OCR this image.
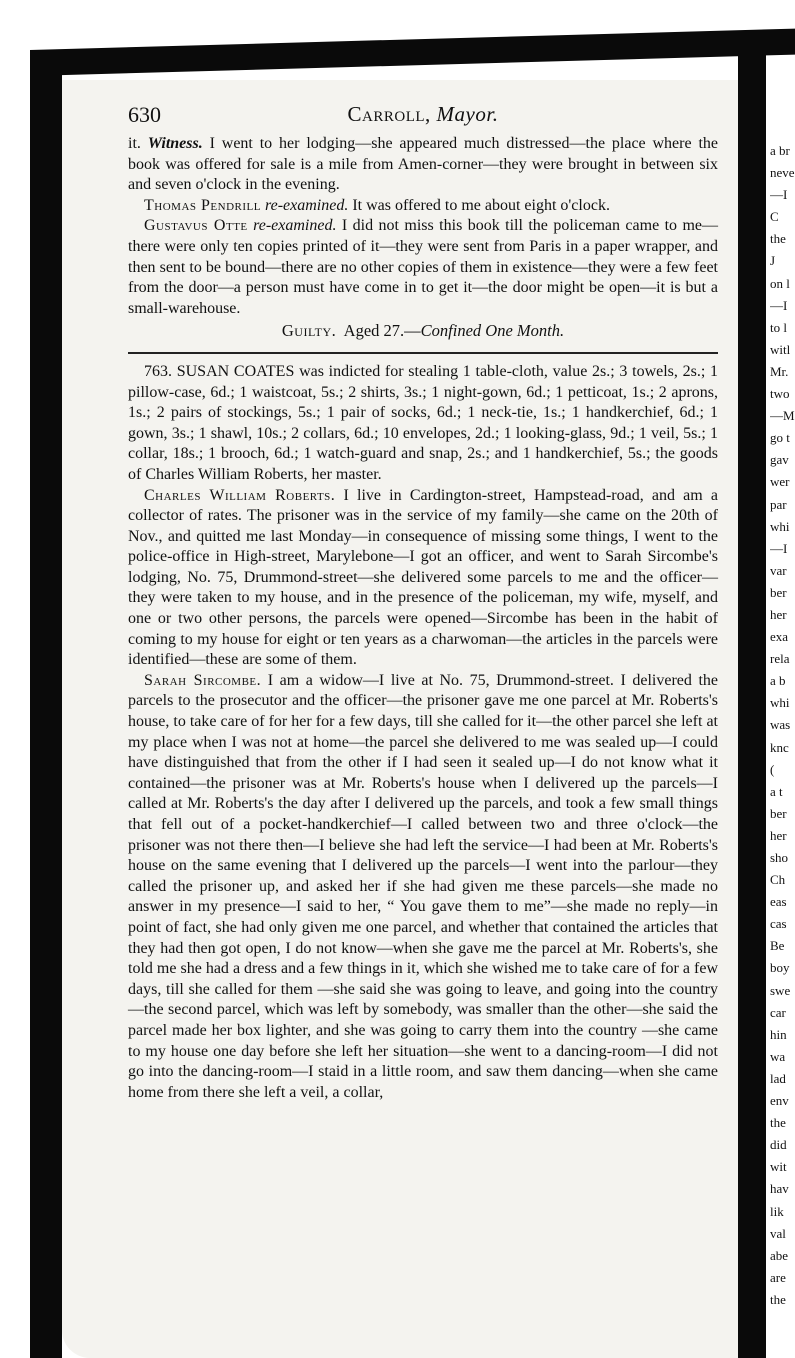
a br
neve
—I
C
the
J
on l
—I
to l
witl
Mr.
two
—M
go t
gav
wer
par
whi
—I
var
ber
her
exa
rela
a b
whi
was
knc
(
a t
ber
her
sho
Ch
eas
cas
Be
boy
swe
car
hin
wa
lad
env
the
did
wit
hav
lik
val
abe
are
the
630	Carroll, Mayor.

it. Witness. I went to her lodging—she appeared much distressed—the place where the book was offered for sale is a mile from Amen-corner—they were brought in between six and seven o'clock in the evening.

Thomas Pendrill re-examined. It was offered to me about eight o'clock.

Gustavus Otte re-examined. I did not miss this book till the policeman came to me—there were only ten copies printed of it—they were sent from Paris in a paper wrapper, and then sent to be bound—there are no other copies of them in existence—they were a few feet from the door—a person must have come in to get it—the door might be open—it is but a small-warehouse.

Guilty. Aged 27.—Confined One Month.

763. SUSAN COATES was indicted for stealing 1 table-cloth, value 2s.; 3 towels, 2s.; 1 pillow-case, 6d.; 1 waistcoat, 5s.; 2 shirts, 3s.; 1 night-gown, 6d.; 1 petticoat, 1s.; 2 aprons, 1s.; 2 pairs of stockings, 5s.; 1 pair of socks, 6d.; 1 neck-tie, 1s.; 1 handkerchief, 6d.; 1 gown, 3s.; 1 shawl, 10s.; 2 collars, 6d.; 10 envelopes, 2d.; 1 looking-glass, 9d.; 1 veil, 5s.; 1 collar, 18s.; 1 brooch, 6d.; 1 watch-guard and snap, 2s.; and 1 handkerchief, 5s.; the goods of Charles William Roberts, her master.

Charles William Roberts. I live in Cardington-street, Hampstead-road, and am a collector of rates. The prisoner was in the service of my family—she came on the 20th of Nov., and quitted me last Monday—in consequence of missing some things, I went to the police-office in High-street, Marylebone—I got an officer, and went to Sarah Sircombe's lodging, No. 75, Drummond-street—she delivered some parcels to me and the officer—they were taken to my house, and in the presence of the policeman, my wife, myself, and one or two other persons, the parcels were opened—Sircombe has been in the habit of coming to my house for eight or ten years as a charwoman—the articles in the parcels were identified—these are some of them.

Sarah Sircombe. I am a widow—I live at No. 75, Drummond-street. I delivered the parcels to the prosecutor and the officer—the prisoner gave me one parcel at Mr. Roberts's house, to take care of for her for a few days, till she called for it—the other parcel she left at my place when I was not at home—the parcel she delivered to me was sealed up—I could have distinguished that from the other if I had seen it sealed up—I do not know what it contained—the prisoner was at Mr. Roberts's house when I delivered up the parcels—I called at Mr. Roberts's the day after I delivered up the parcels, and took a few small things that fell out of a pocket-handkerchief—I called between two and three o'clock—the prisoner was not there then—I believe she had left the service—I had been at Mr. Roberts's house on the same evening that I delivered up the parcels—I went into the parlour—they called the prisoner up, and asked her if she had given me these parcels—she made no answer in my presence—I said to her, “ You gave them to me”—she made no reply—in point of fact, she had only given me one parcel, and whether that contained the articles that they had then got open, I do not know—when she gave me the parcel at Mr. Roberts's, she told me she had a dress and a few things in it, which she wished me to take care of for a few days, till she called for them —she said she was going to leave, and going into the country—the second parcel, which was left by somebody, was smaller than the other—she said the parcel made her box lighter, and she was going to carry them into the country —she came to my house one day before she left her situation—she went to a dancing-room—I did not go into the dancing-room—I staid in a little room, and saw them dancing—when she came home from there she left a veil, a collar,
